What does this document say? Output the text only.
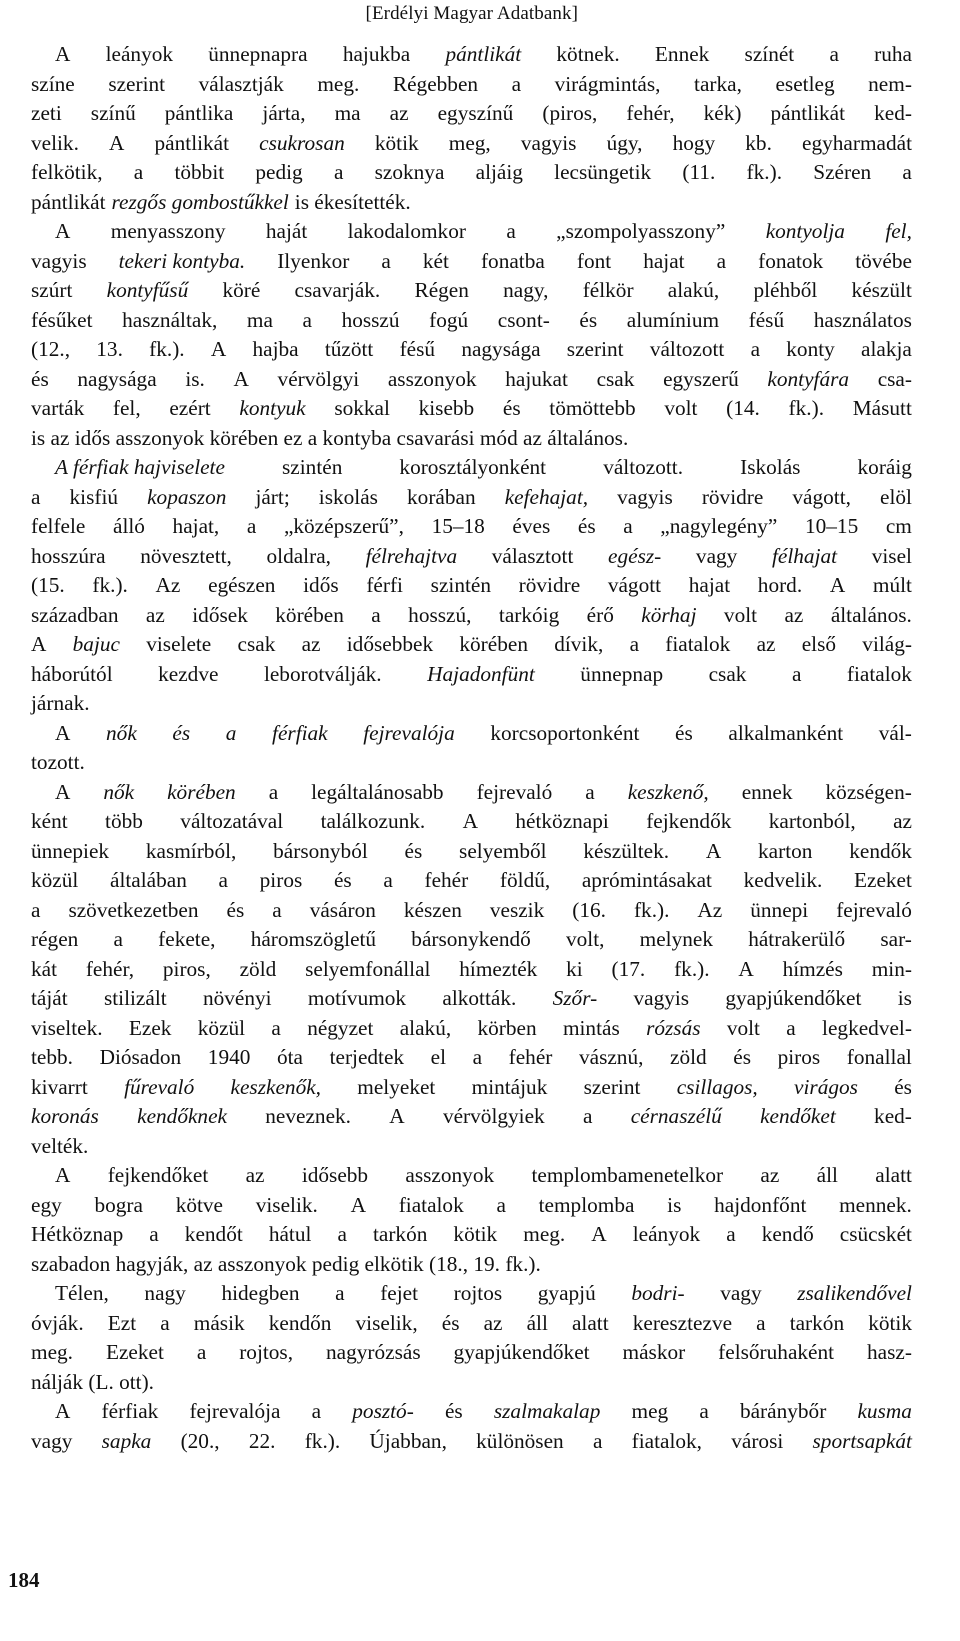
[Erdélyi Magyar Adatbank]
A leányok ünnepnapra hajukba pántlikát kötnek. Ennek színét a ruha
színe szerint választják meg. Régebben a virágmintás, tarka, esetleg nem-
zeti színű pántlika járta, ma az egyszínű (piros, fehér, kék) pántlikát ked-
velik. A pántlikát csukrosan kötik meg, vagyis úgy, hogy kb. egyharmadát
felkötik, a többit pedig a szoknya aljáig lecsüngetik (11. fk.). Széren a
pántlikát rezgős gombostűkkel is ékesítették.
A menyasszony haját lakodalomkor a „szompolyasszony” kontyolja fel,
vagyis tekeri kontyba. Ilyenkor a két fonatba font hajat a fonatok tövébe
szúrt kontyfűsű köré csavarják. Régen nagy, félkör alakú, pléhből készült
fésűket használtak, ma a hosszú fogú csont- és alumínium fésű használatos
(12., 13. fk.). A hajba tűzött fésű nagysága szerint változott a konty alakja
és nagysága is. A vérvölgyi asszonyok hajukat csak egyszerű kontyfára csa-
varták fel, ezért kontyuk sokkal kisebb és tömöttebb volt (14. fk.). Másutt
is az idős asszonyok körében ez a kontyba csavarási mód az általános.
A férfiak hajviselete	szintén	korosztályonként	változott.	Iskolás	koráig
a kisfiú kopaszon járt; iskolás korában kefehajat, vagyis rövidre vágott, elöl
felfele álló hajat, a „középszerű”, 15–18 éves és a „nagylegény” 10–15 cm
hosszúra növesztett, oldalra, félrehajtva választott egész- vagy félhajat visel
(15. fk.). Az egészen idős férfi szintén rövidre vágott hajat hord. A múlt
században az idősek körében a hosszú, tarkóig érő körhaj volt az általános.
A bajuc viselete csak az idősebbek körében dívik, a fiatalok az első világ-
háborútól kezdve leborotválják. Hajadonfünt ünnepnap csak a fiatalok
járnak.
A nők és a férfiak fejrevalója korcsoportonként és alkalmanként vál-
tozott.
A nők körében a legáltalánosabb fejrevaló a keszkenő, ennek községen-
ként több változatával találkozunk. A hétköznapi fejkendők kartonból, az
ünnepiek kasmírból, bársonyból és selyemből készültek. A karton kendők
közül általában a piros és a fehér földű, aprómintásakat kedvelik. Ezeket
a szövetkezetben és a vásáron készen veszik (16. fk.). Az ünnepi fejrevaló
régen a fekete, háromszögletű bársonykendő volt, melynek hátrakerülő sar-
kát fehér, piros, zöld selyemfonállal hímezték ki (17. fk.). A hímzés min-
táját stilizált növényi motívumok alkották. Szőr- vagyis gyapjúkendőket is
viseltek. Ezek közül a négyzet alakú, körben mintás rózsás volt a legkedvel-
tebb. Diósadon 1940 óta terjedtek el a fehér vásznú, zöld és piros fonallal
kivarrt fűrevaló keszkenők, melyeket mintájuk szerint csillagos, virágos és
koronás kendőknek neveznek. A vérvölgyiek a cérnaszélű kendőket ked-
velték.
A fejkendőket az idősebb asszonyok templombamenetelkor az áll alatt
egy bogra kötve viselik. A fiatalok a templomba is hajdonfőnt mennek.
Hétköznap a kendőt hátul a tarkón kötik meg. A leányok a kendő csücskét
szabadon hagyják, az asszonyok pedig elkötik (18., 19. fk.).
Télen, nagy hidegben a fejet rojtos gyapjú bodri- vagy zsalikendővel
óvják. Ezt a másik kendőn viselik, és az áll alatt keresztezve a tarkón kötik
meg. Ezeket a rojtos, nagyrózsás gyapjúkendőket máskor felsőruhaként hasz-
nálják (L. ott).
A férfiak fejrevalója a posztó- és szalmakalap meg a báránybőr kusma
vagy sapka (20., 22. fk.). Újabban, különösen a fiatalok, városi sportsapkát
184
